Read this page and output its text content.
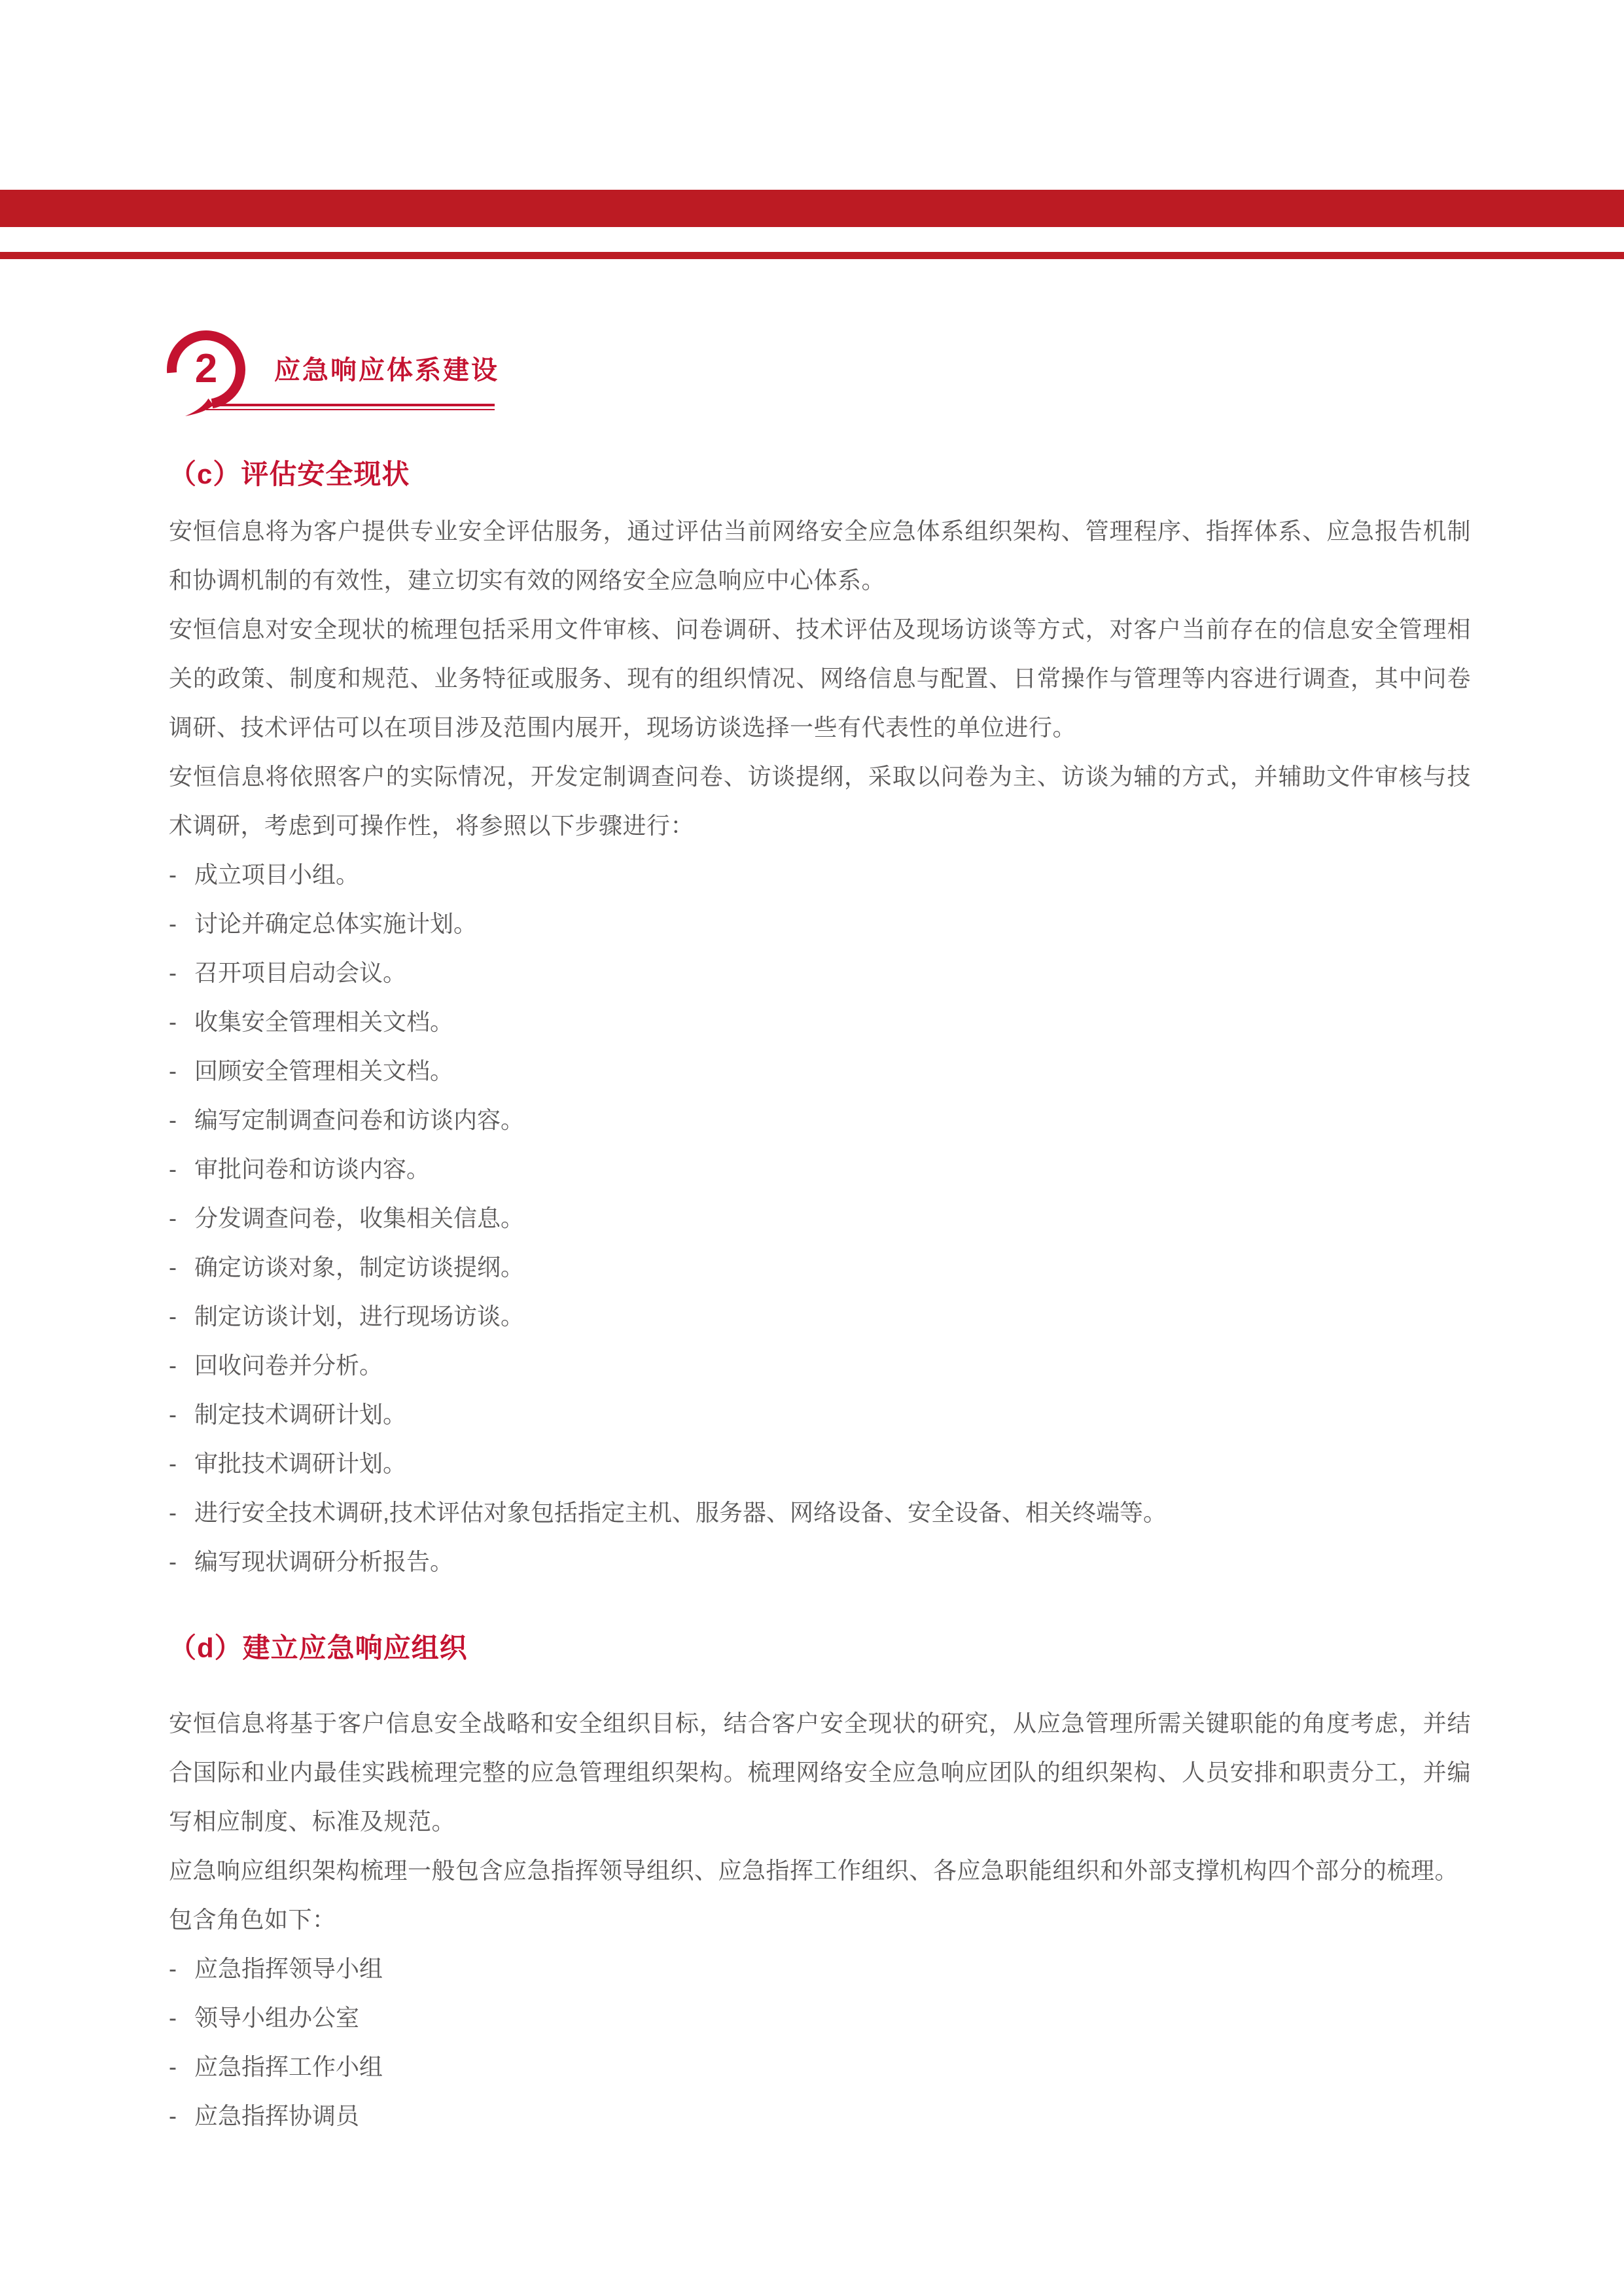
2	应急响应体系建设
（c）评估安全现状
安恒信息将为客户提供专业安全评估服务，通过评估当前网络安全应急体系组织架构、管理程序、指挥体系、应急报告机制和协调机制的有效性，建立切实有效的网络安全应急响应中心体系。
安恒信息对安全现状的梳理包括采用文件审核、问卷调研、技术评估及现场访谈等方式，对客户当前存在的信息安全管理相关的政策、制度和规范、业务特征或服务、现有的组织情况、网络信息与配置、日常操作与管理等内容进行调查，其中问卷调研、技术评估可以在项目涉及范围内展开，现场访谈选择一些有代表性的单位进行。
安恒信息将依照客户的实际情况，开发定制调查问卷、访谈提纲，采取以问卷为主、访谈为辅的方式，并辅助文件审核与技术调研，考虑到可操作性，将参照以下步骤进行：
- 成立项目小组。
- 讨论并确定总体实施计划。
- 召开项目启动会议。
- 收集安全管理相关文档。
- 回顾安全管理相关文档。
- 编写定制调查问卷和访谈内容。
- 审批问卷和访谈内容。
- 分发调查问卷，收集相关信息。
- 确定访谈对象，制定访谈提纲。
- 制定访谈计划，进行现场访谈。
- 回收问卷并分析。
- 制定技术调研计划。
- 审批技术调研计划。
- 进行安全技术调研,技术评估对象包括指定主机、服务器、网络设备、安全设备、相关终端等。
- 编写现状调研分析报告。
（d）建立应急响应组织
安恒信息将基于客户信息安全战略和安全组织目标，结合客户安全现状的研究，从应急管理所需关键职能的角度考虑，并结合国际和业内最佳实践梳理完整的应急管理组织架构。梳理网络安全应急响应团队的组织架构、人员安排和职责分工，并编写相应制度、标准及规范。
应急响应组织架构梳理一般包含应急指挥领导组织、应急指挥工作组织、各应急职能组织和外部支撑机构四个部分的梳理。
包含角色如下：
- 应急指挥领导小组
- 领导小组办公室
- 应急指挥工作小组
- 应急指挥协调员
